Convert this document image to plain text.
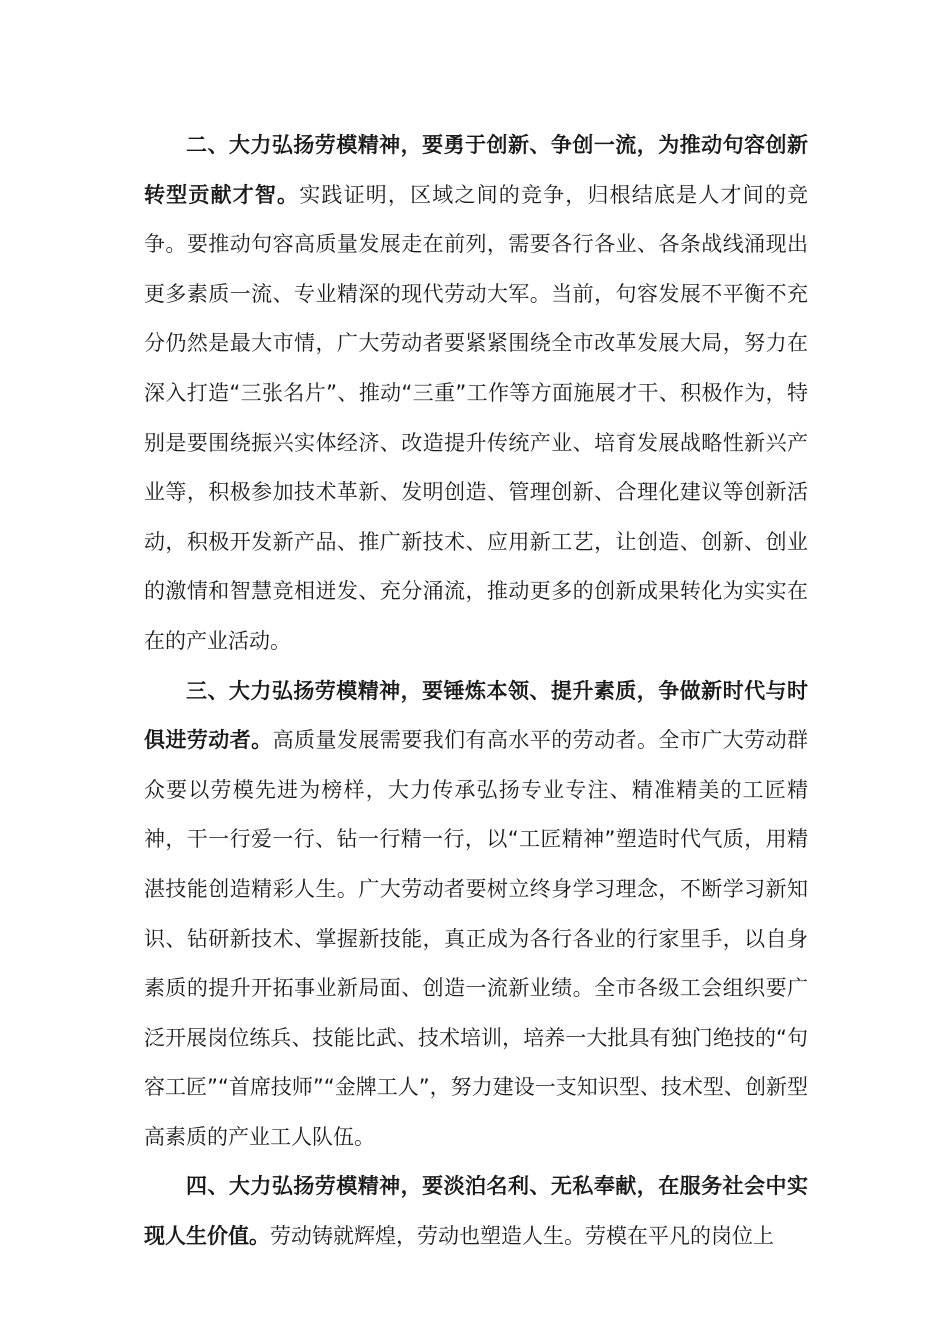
二、大力弘扬劳模精神，要勇于创新、争创一流，为推动句容创新转型贡献才智。实践证明，区域之间的竞争，归根结底是人才间的竞争。要推动句容高质量发展走在前列，需要各行各业、各条战线涌现出更多素质一流、专业精深的现代劳动大军。当前，句容发展不平衡不充分仍然是最大市情，广大劳动者要紧紧围绕全市改革发展大局，努力在深入打造“三张名片”、推动“三重”工作等方面施展才干、积极作为，特别是要围绕振兴实体经济、改造提升传统产业、培育发展战略性新兴产业等，积极参加技术革新、发明创造、管理创新、合理化建议等创新活动，积极开发新产品、推广新技术、应用新工艺，让创造、创新、创业的激情和智慧竞相迸发、充分涌流，推动更多的创新成果转化为实实在在的产业活动。

三、大力弘扬劳模精神，要锤炼本领、提升素质，争做新时代与时俱进劳动者。高质量发展需要我们有高水平的劳动者。全市广大劳动群众要以劳模先进为榜样，大力传承弘扬专业专注、精准精美的工匠精神，干一行爱一行、钻一行精一行，以“工匠精神”塑造时代气质，用精湛技能创造精彩人生。广大劳动者要树立终身学习理念，不断学习新知识、钻研新技术、掌握新技能，真正成为各行各业的行家里手，以自身素质的提升开拓事业新局面、创造一流新业绩。全市各级工会组织要广泛开展岗位练兵、技能比武、技术培训，培养一大批具有独门绝技的“句容工匠”“首席技师”“金牌工人”，努力建设一支知识型、技术型、创新型高素质的产业工人队伍。

四、大力弘扬劳模精神，要淡泊名利、无私奉献，在服务社会中实现人生价值。劳动铸就辉煌，劳动也塑造人生。劳模在平凡的岗位上
